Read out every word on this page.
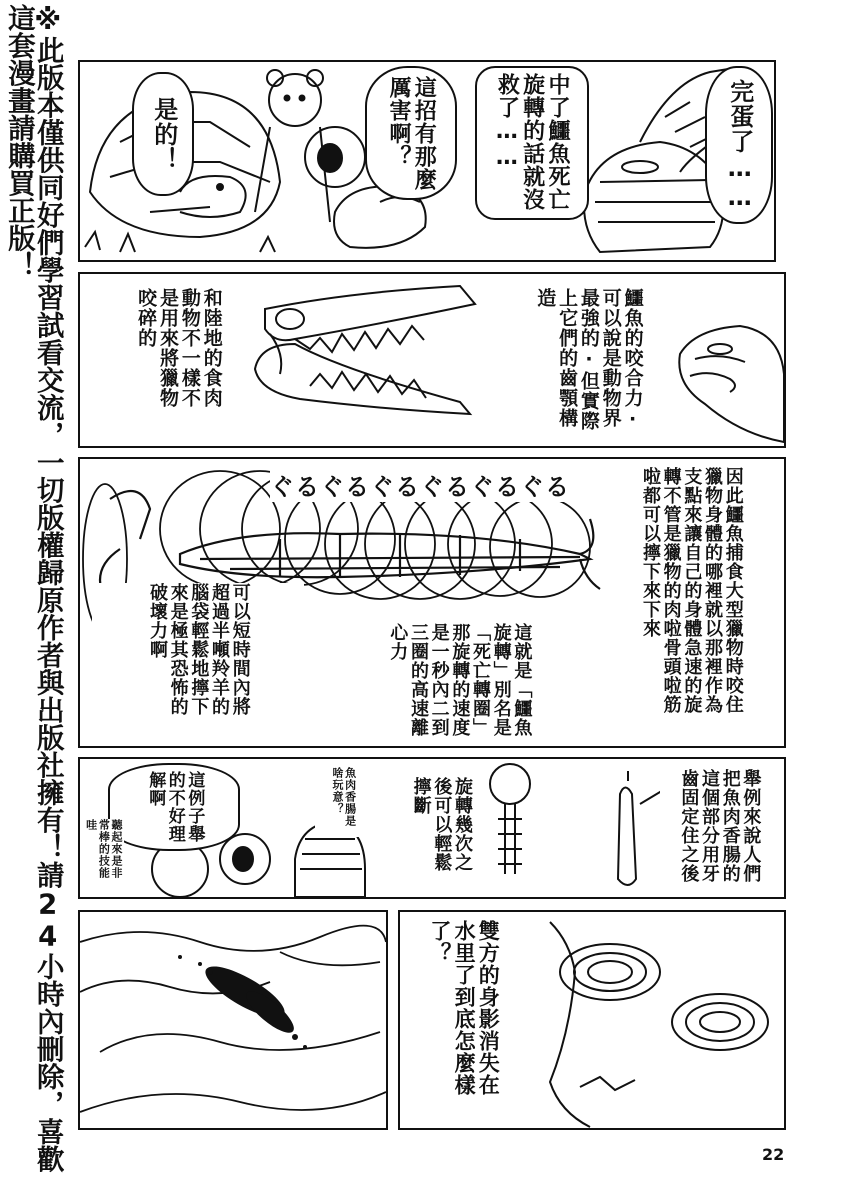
※此版本僅供同好們學習試看交流，一切版權歸原作者與出版社擁有！請24小時內刪除，喜歡這套漫畫請購買正版！	完蛋了……
中了鱷魚死亡旋轉的話就沒救了……
這招有那麼厲害啊？
是的！
鱷魚的咬合力·可以說是動物界最強的·但實際上它們的齒顎構造
和陸地的食肉動物不一樣不是用來將獵物咬碎的
ぐるぐるぐるぐるぐるぐる	因此鱷魚捕食大型獵物時咬住獵物身體的哪裡就以那裡作為支點來讓自己的身體急速的旋轉不管是獵物的肉啦骨頭啦筋啦都可以擰下來下來
這就是「鱷魚旋轉」別名是「死亡轉圈」那旋轉的速度是一秒內二到三圈的高速離心力
可以短時間內將超過半噸羚羊的腦袋輕鬆地擰下來是極其恐怖的破壞力啊
舉例來說人們把魚肉香腸的這個部分用牙齒固定住之後
旋轉幾次之後可以輕鬆擰斷
魚肉香腸是啥玩意？
這例子舉的不好理解啊
聽起來是非常棒的技能哇
雙方的身影消失在水里了到底怎麼樣了？
22
